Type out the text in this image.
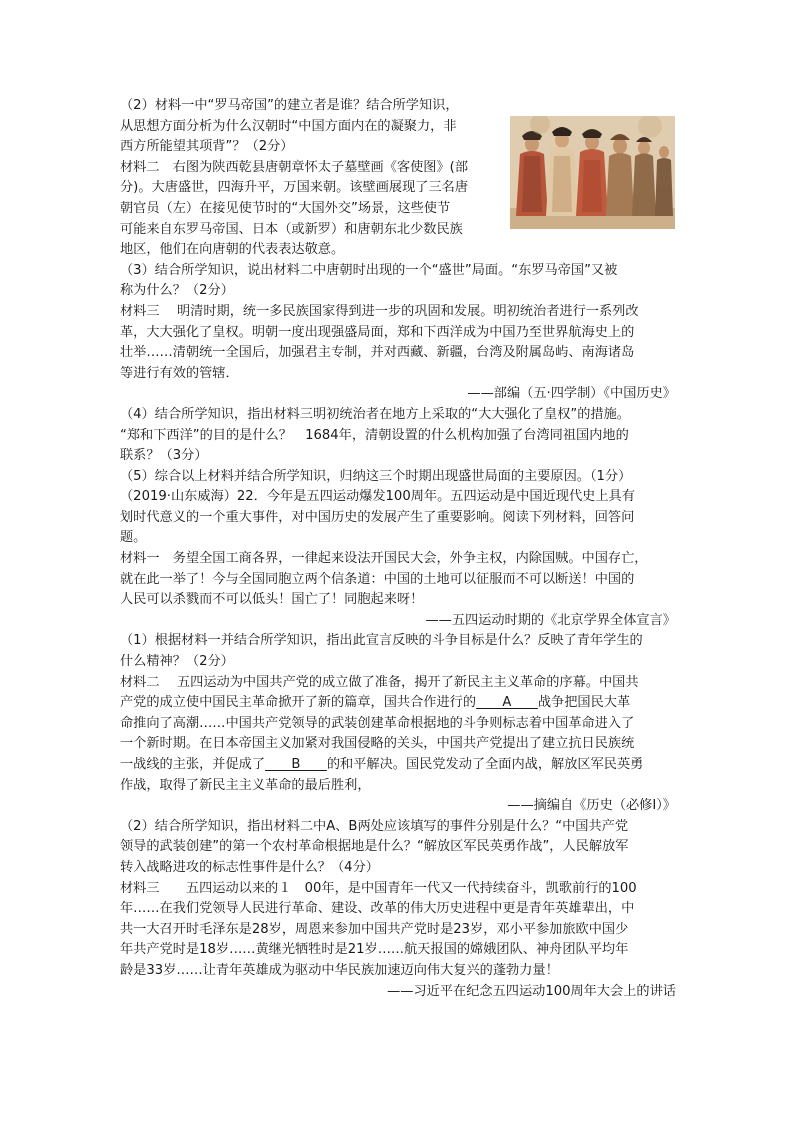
（2）材料一中“罗马帝国”的建立者是谁？结合所学知识，
从思想方面分析为什么汉朝时“中国方面内在的凝聚力，非
西方所能望其项背”？（2分）
材料二　右图为陕西乾县唐朝章怀太子墓壁画《客使图》(部
分)。大唐盛世，四海升平，万国来朝。该壁画展现了三名唐
朝官员（左）在接见使节时的“大国外交”场景，这些使节
可能来自东罗马帝国、日本（或新罗）和唐朝东北少数民族
地区，他们在向唐朝的代表表达敬意。
（3）结合所学知识，说出材料二中唐朝时出现的一个“盛世”局面。“东罗马帝国”又被
称为什么？（2分）
材料三　 明清时期，统一多民族国家得到进一步的巩固和发展。明初统治者进行一系列改
革，大大强化了皇权。明朝一度出现强盛局面，郑和下西洋成为中国乃至世界航海史上的
壮举……清朝统一全国后，加强君主专制，并对西藏、新疆，台湾及附属岛屿、南海诸岛
等进行有效的管辖．
——部编（五·四学制）《中国历史》
（4）结合所学知识，指出材料三明初统治者在地方上采取的“大大强化了皇权”的措施。
“郑和下西洋”的目的是什么？　1684年，清朝设置的什么机构加强了台湾同祖国内地的
联系？（3分）
（5）综合以上材料并结合所学知识，归纳这三个时期出现盛世局面的主要原因。（1分）
（2019·山东威海）22．今年是五四运动爆发100周年。五四运动是中国近现代史上具有
划时代意义的一个重大事件，对中国历史的发展产生了重要影响。阅读下列材料，回答问
题。
材料一　务望全国工商各界，一律起来设法开国民大会，外争主权，内除国贼。中国存亡，
就在此一举了！今与全国同胞立两个信条道：中国的土地可以征服而不可以断送！中国的
人民可以杀戮而不可以低头！国亡了！同胞起来呀！
——五四运动时期的《北京学界全体宣言》
（1）根据材料一并结合所学知识，指出此宣言反映的斗争目标是什么？反映了青年学生的
什么精神？（2分）
材料二　 五四运动为中国共产党的成立做了准备，揭开了新民主主义革命的序幕。中国共
产党的成立使中国民主革命掀开了新的篇章，国共合作进行的　　A　　战争把国民大革
命推向了高潮……中国共产党领导的武装创建革命根据地的斗争则标志着中国革命进入了
一个新时期。在日本帝国主义加紧对我国侵略的关头，中国共产党提出了建立抗日民族统
一战线的主张，并促成了　　B　　的和平解决。国民党发动了全面内战，解放区军民英勇
作战，取得了新民主主义革命的最后胜利，
——摘编自《历史（必修Ⅰ）》
（2）结合所学知识，指出材料二中A、B两处应该填写的事件分别是什么？“中国共产党
领导的武装创建”的第一个农村革命根据地是什么？“解放区军民英勇作战”，人民解放军
转入战略进攻的标志性事件是什么？（4分）
材料三　　五四运动以来的１　00年，是中国青年一代又一代持续奋斗，凯歌前行的100
年……在我们党领导人民进行革命、建设、改革的伟大历史进程中更是青年英雄辈出，中
共一大召开时毛泽东是28岁，周恩来参加中国共产党时是23岁，邓小平参加旅欧中国少
年共产党时是18岁……黄继光牺牲时是21岁……航天报国的嫦娥团队、神舟团队平均年
龄是33岁……让青年英雄成为驱动中华民族加速迈向伟大复兴的蓬勃力量！
——习近平在纪念五四运动100周年大会上的讲话
